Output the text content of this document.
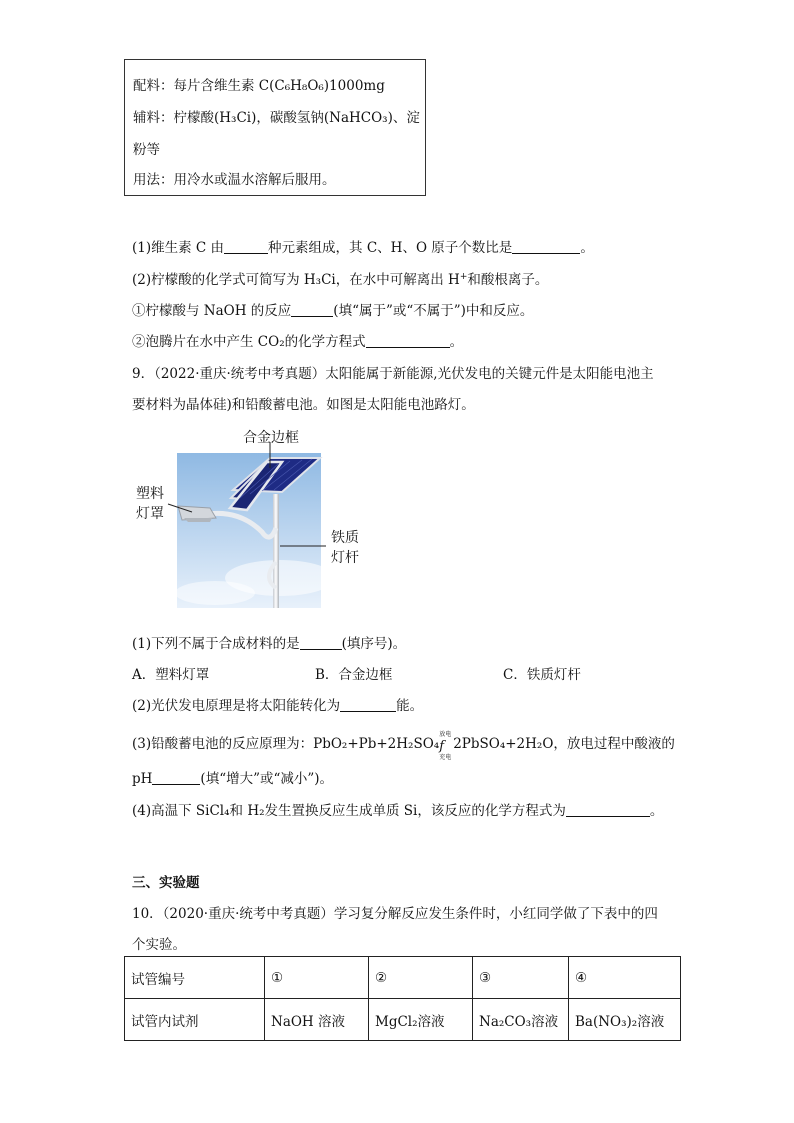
配料：每片含维生素 C(C₆H₈O₆)1000mg
辅料：柠檬酸(H₃Ci)，碳酸氢钠(NaHCO₃)、淀
粉等
用法：用冷水或温水溶解后服用。
(1)维生素 C 由	种元素组成，其 C、H、O 原子个数比是	。
(2)柠檬酸的化学式可简写为 H₃Ci，在水中可解离出 H+和酸根离子。
①柠檬酸与 NaOH 的反应	(填“属于”或“不属于”)中和反应。
②泡腾片在水中产生 CO₂的化学方程式	。
9．（2022·重庆·统考中考真题）太阳能属于新能源,光伏发电的关键元件是太阳能电池主
要材料为晶体硅)和铅酸蓄电池。如图是太阳能电池路灯。
合金边框
塑料
灯罩
铁质
灯杆
(1)下列不属于合成材料的是	(填序号)。
A．塑料灯罩	B．合金边框	C．铁质灯杆
(2)光伏发电原理是将太阳能转化为	能。
(3)铅酸蓄电池的反应原理为：PbO₂+Pb+2H₂SO₄
放电
f
充电
2PbSO₄+2H₂O，放电过程中酸液的
pH	(填“增大”或“减小”)。
(4)高温下 SiCl₄和 H₂发生置换反应生成单质 Si，该反应的化学方程式为	。
三、实验题
10．（2020·重庆·统考中考真题）学习复分解反应发生条件时，小红同学做了下表中的四
个实验。
试管编号	①	②	③	④
试管内试剂	NaOH 溶液	MgCl₂溶液	Na₂CO₃溶液	Ba(NO₃)₂溶液
